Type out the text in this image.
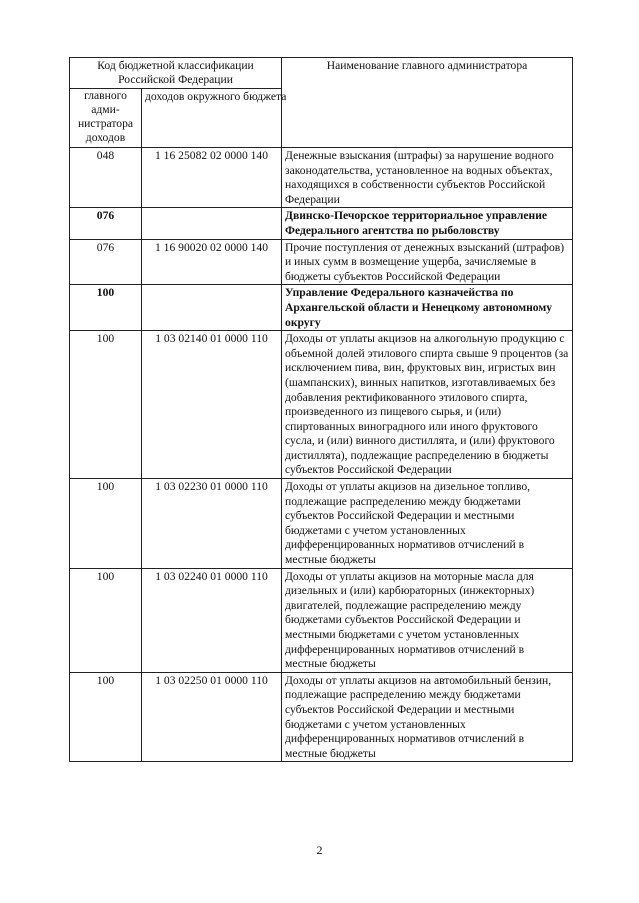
Код бюджетной классификации Российской Федерации		Наименование главного администратора
главного адми-нистратора доходов	доходов окружного бюджета	
048	1 16 25082 02 0000 140	Денежные взыскания (штрафы) за нарушение водного законодательства, установленное на водных объектах, находящихся в собственности субъектов Российской Федерации
076		Двинско-Печорское территориальное управление Федерального агентства по рыболовству
076	1 16 90020 02 0000 140	Прочие поступления от денежных взысканий (штрафов) и иных сумм в возмещение ущерба, зачисляемые в бюджеты субъектов Российской Федерации
100		Управление Федерального казначейства по Архангельской области и Ненецкому автономному округу
100	1 03 02140 01 0000 110	Доходы от уплаты акцизов на алкогольную продукцию с объемной долей этилового спирта свыше 9 процентов (за исключением пива, вин, фруктовых вин, игристых вин (шампанских), винных напитков, изготавливаемых без добавления ректификованного этилового спирта, произведенного из пищевого сырья, и (или) спиртованных виноградного или иного фруктового сусла, и (или) винного дистиллята, и (или) фруктового дистиллята), подлежащие распределению в бюджеты субъектов Российской Федерации
100	1 03 02230 01 0000 110	Доходы от уплаты акцизов на дизельное топливо, подлежащие распределению между бюджетами субъектов Российской Федерации и местными бюджетами с учетом установленных дифференцированных нормативов отчислений в местные бюджеты
100	1 03 02240 01 0000 110	Доходы от уплаты акцизов на моторные масла для дизельных и (или) карбюраторных (инжекторных) двигателей, подлежащие распределению между бюджетами субъектов Российской Федерации и местными бюджетами с учетом установленных дифференцированных нормативов отчислений в местные бюджеты
100	1 03 02250 01 0000 110	Доходы от уплаты акцизов на автомобильный бензин, подлежащие распределению между бюджетами субъектов Российской Федерации и местными бюджетами с учетом установленных дифференцированных нормативов отчислений в местные бюджеты
2
